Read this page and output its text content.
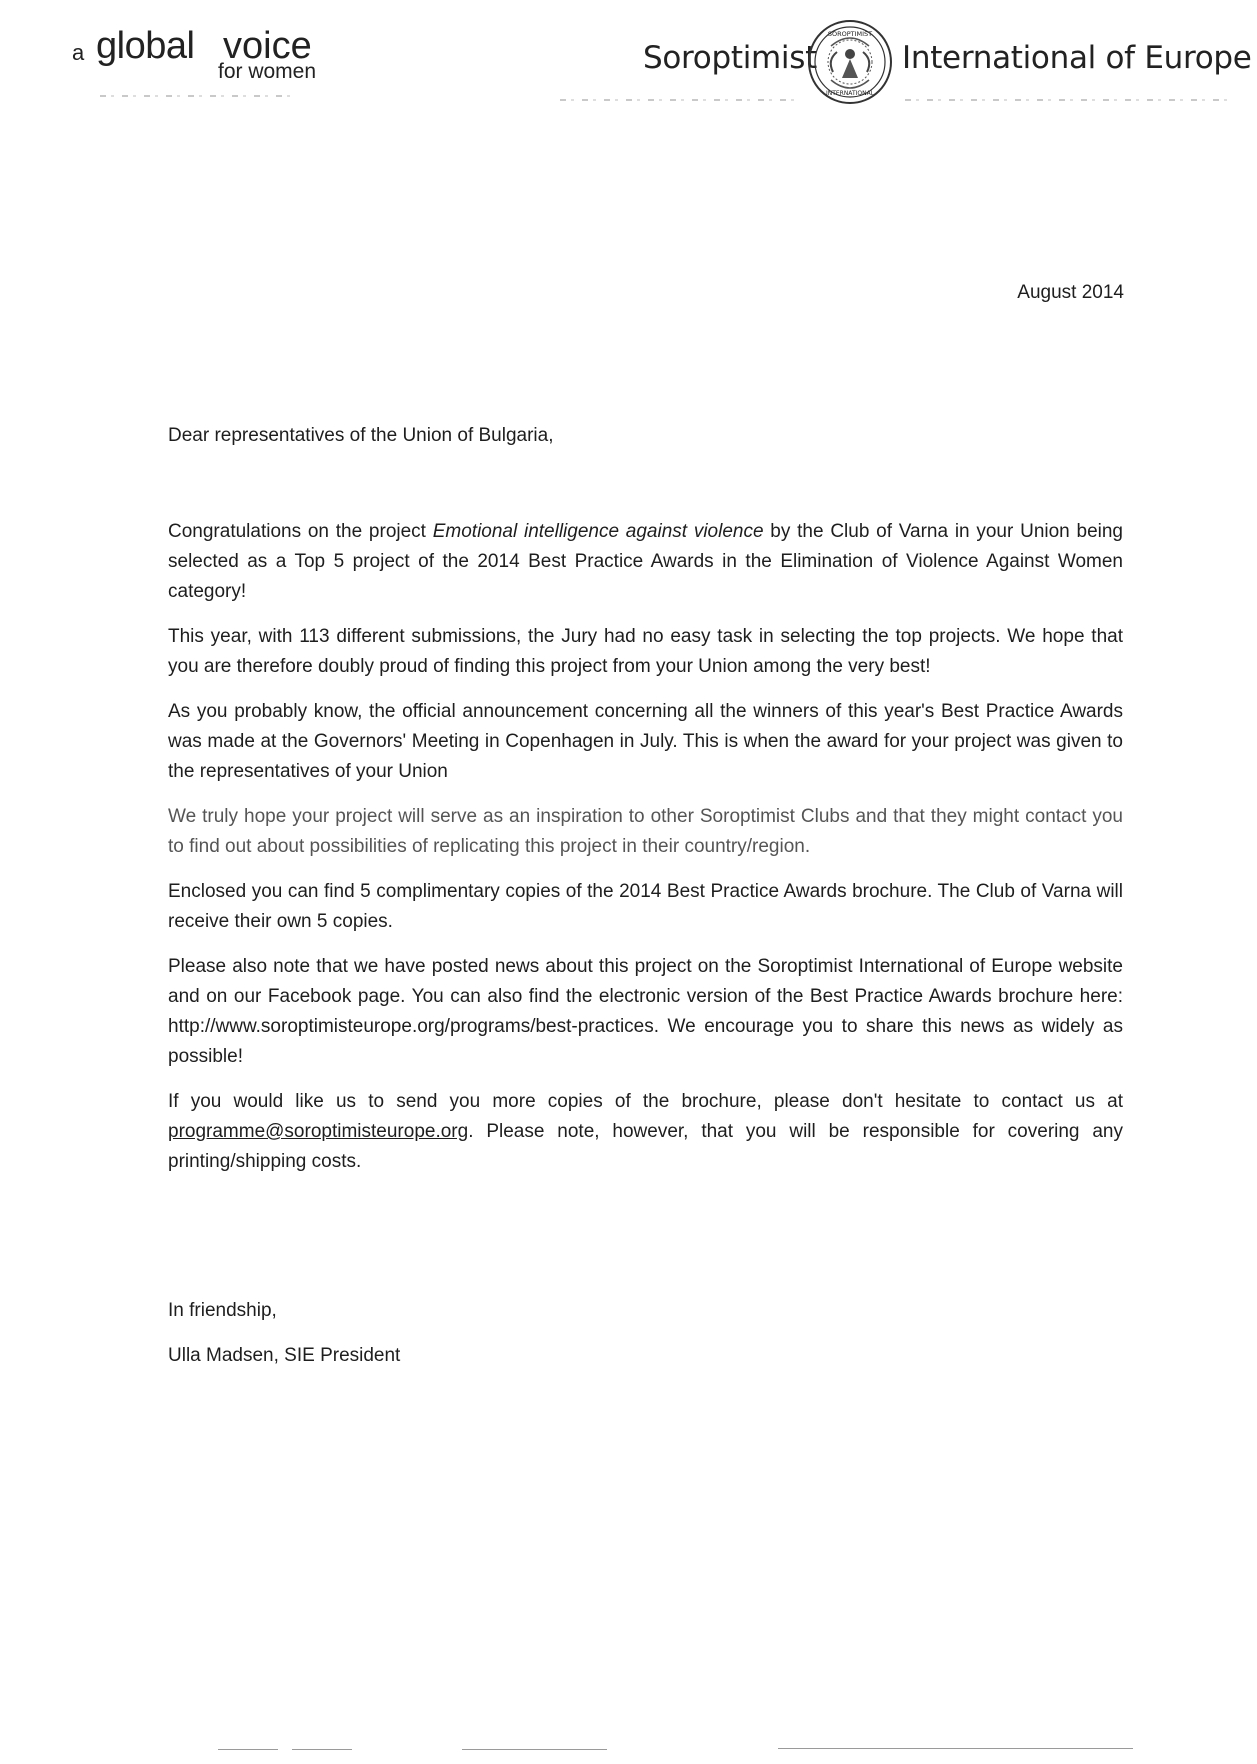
a global voice
for women	Soroptimist
SOROPTIMIST
INTERNATIONAL
International of Europe
August 2014
Dear representatives of the Union of Bulgaria,

Congratulations on the project Emotional intelligence against violence by the Club of Varna in your Union being selected as a Top 5 project of the 2014 Best Practice Awards in the Elimination of Violence Against Women category!

This year, with 113 different submissions, the Jury had no easy task in selecting the top projects. We hope that you are therefore doubly proud of finding this project from your Union among the very best!

As you probably know, the official announcement concerning all the winners of this year's Best Practice Awards was made at the Governors' Meeting in Copenhagen in July. This is when the award for your project was given to the representatives of your Union

We truly hope your project will serve as an inspiration to other Soroptimist Clubs and that they might contact you to find out about possibilities of replicating this project in their country/region.

Enclosed you can find 5 complimentary copies of the 2014 Best Practice Awards brochure. The Club of Varna will receive their own 5 copies.

Please also note that we have posted news about this project on the Soroptimist International of Europe website and on our Facebook page. You can also find the electronic version of the Best Practice Awards brochure here: http://www.soroptimisteurope.org/programs/best-practices. We encourage you to share this news as widely as possible!

If you would like us to send you more copies of the brochure, please don't hesitate to contact us at programme@soroptimisteurope.org. Please note, however, that you will be responsible for covering any printing/shipping costs.

In friendship,
Ulla Madsen, SIE President
